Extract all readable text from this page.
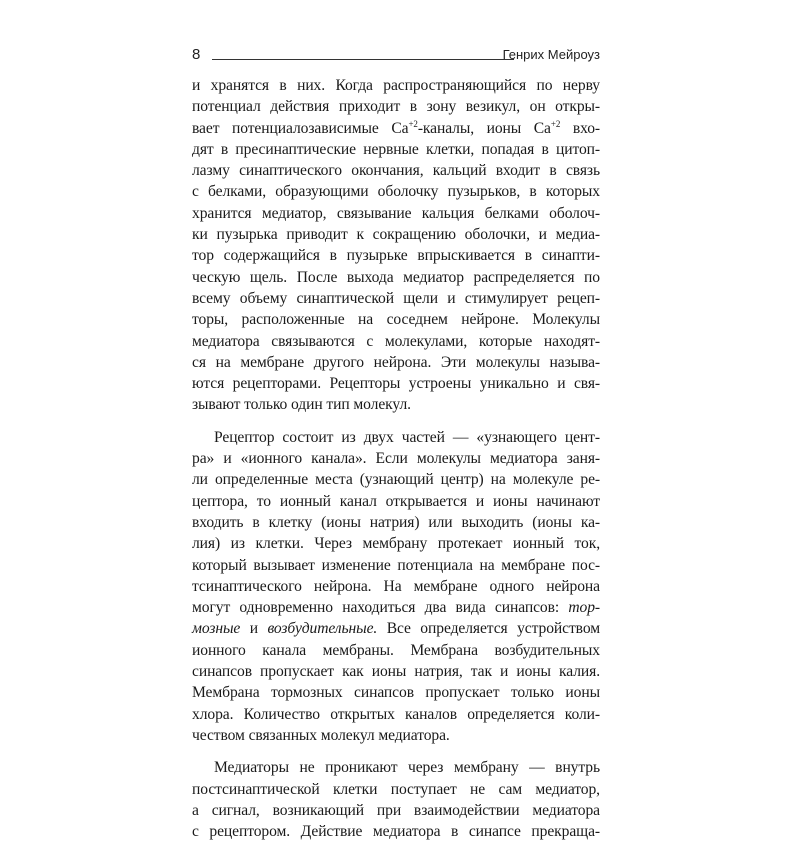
8	Генрих Мейроуз
и хранятся в них. Когда распространяющийся по нерву
потенциал действия приходит в зону везикул, он откры-
вает потенциалозависимые $Ca^{+2}$-каналы, ионы $Ca^{+2}$ вхо-
дят в пресинаптические нервные клетки, попадая в цитоп-
лазму синаптического окончания, кальций входит в связь
с белками, образующими оболочку пузырьков, в которых
хранится медиатор, связывание кальция белками оболоч-
ки пузырька приводит к сокращению оболочки, и медиа-
тор содержащийся в пузырьке впрыскивается в синапти-
ческую щель. После выхода медиатор распределяется по
всему объему синаптической щели и стимулирует рецеп-
торы, расположенные на соседнем нейроне. Молекулы
медиатора связываются с молекулами, которые находят-
ся на мембране другого нейрона. Эти молекулы называ-
ются рецепторами. Рецепторы устроены уникально и свя-
зывают только один тип молекул.
Рецептор состоит из двух частей — «узнающего цент-
ра» и «ионного канала». Если молекулы медиатора заня-
ли определенные места (узнающий центр) на молекуле ре-
цептора, то ионный канал открывается и ионы начинают
входить в клетку (ионы натрия) или выходить (ионы ка-
лия) из клетки. Через мембрану протекает ионный ток,
который вызывает изменение потенциала на мембране пос-
тсинаптического нейрона. На мембране одного нейрона
могут одновременно находиться два вида синапсов: тор-
мозные и возбудительные. Все определяется устройством
ионного канала мембраны. Мембрана возбудительных
синапсов пропускает как ионы натрия, так и ионы калия.
Мембрана тормозных синапсов пропускает только ионы
хлора. Количество открытых каналов определяется коли-
чеством связанных молекул медиатора.
Медиаторы не проникают через мембрану — внутрь
постсинаптической клетки поступает не сам медиатор,
а сигнал, возникающий при взаимодействии медиатора
с рецептором. Действие медиатора в синапсе прекраща-
